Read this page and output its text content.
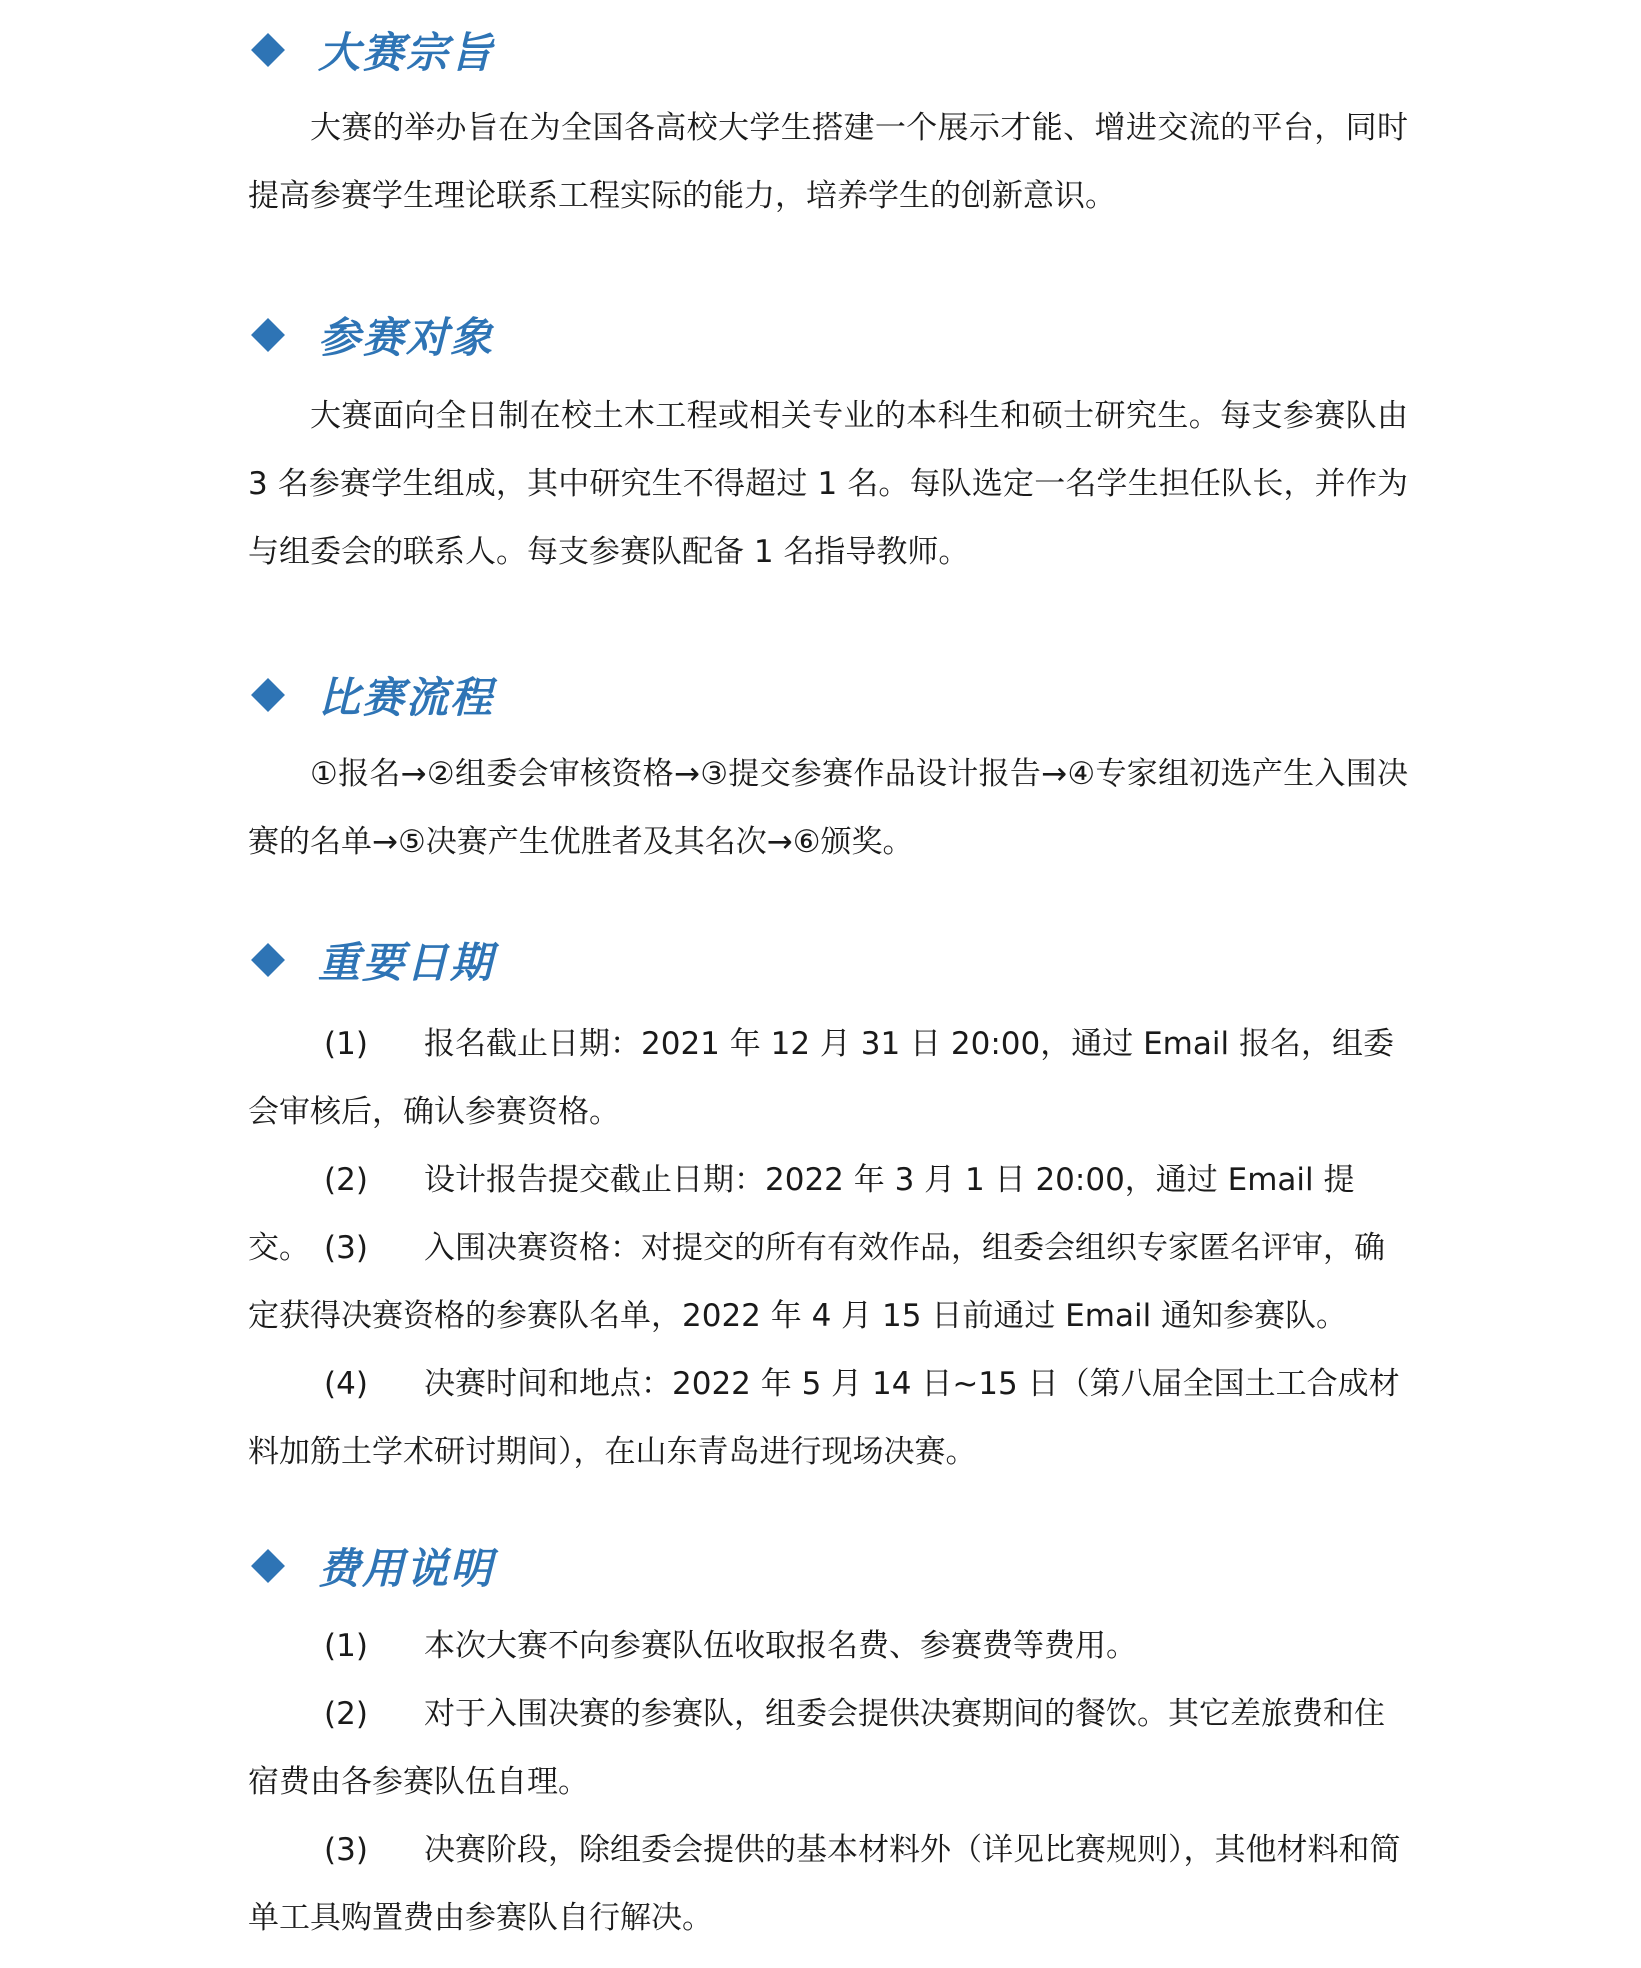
大赛宗旨

大赛的举办旨在为全国各高校大学生搭建一个展示才能、增进交流的平台，同时提高参赛学生理论联系工程实际的能力，培养学生的创新意识。

参赛对象

大赛面向全日制在校土木工程或相关专业的本科生和硕士研究生。每支参赛队由 3 名参赛学生组成，其中研究生不得超过 1 名。每队选定一名学生担任队长，并作为与组委会的联系人。每支参赛队配备 1 名指导教师。

比赛流程

①报名→②组委会审核资格→③提交参赛作品设计报告→④专家组初选产生入围决赛的名单→⑤决赛产生优胜者及其名次→⑥颁奖。

重要日期

(1) 报名截止日期：2021 年 12 月 31 日 20:00，通过 Email 报名，组委会审核后，确认参赛资格。

(2) 设计报告提交截止日期：2022 年 3 月 1 日 20:00，通过 Email 提交。 (3) 入围决赛资格：对提交的所有有效作品，组委会组织专家匿名评审，确定获得决赛资格的参赛队名单，2022 年 4 月 15 日前通过 Email 通知参赛队。

(4) 决赛时间和地点：2022 年 5 月 14 日~15 日（第八届全国土工合成材料加筋土学术研讨期间），在山东青岛进行现场决赛。

费用说明

(1) 本次大赛不向参赛队伍收取报名费、参赛费等费用。

(2) 对于入围决赛的参赛队，组委会提供决赛期间的餐饮。其它差旅费和住宿费由各参赛队伍自理。

(3) 决赛阶段，除组委会提供的基本材料外（详见比赛规则），其他材料和简单工具购置费由参赛队自行解决。
